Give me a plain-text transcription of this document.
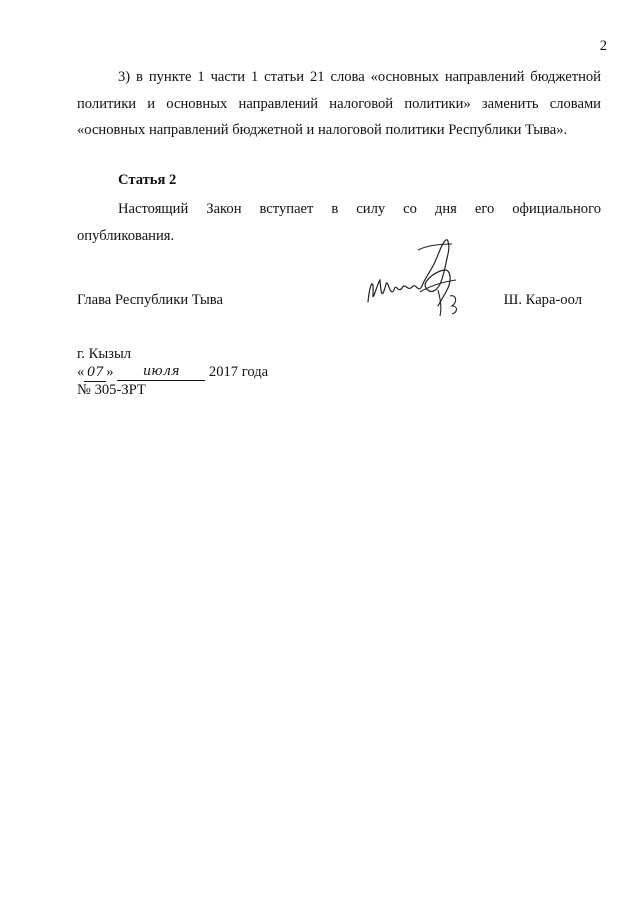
2
3) в пункте 1 части 1 статьи 21 слова «основных направлений бюджетной
политики и основных направлений налоговой политики» заменить словами
«основных направлений бюджетной и налоговой политики Республики Тыва».
Статья 2
Настоящий Закон вступает в силу со дня его официального
опубликования.
Глава Республики Тыва	Ш. Кара-оол
г. Кызыл
« 07 » июля 2017 года
№ 305-ЗРТ
